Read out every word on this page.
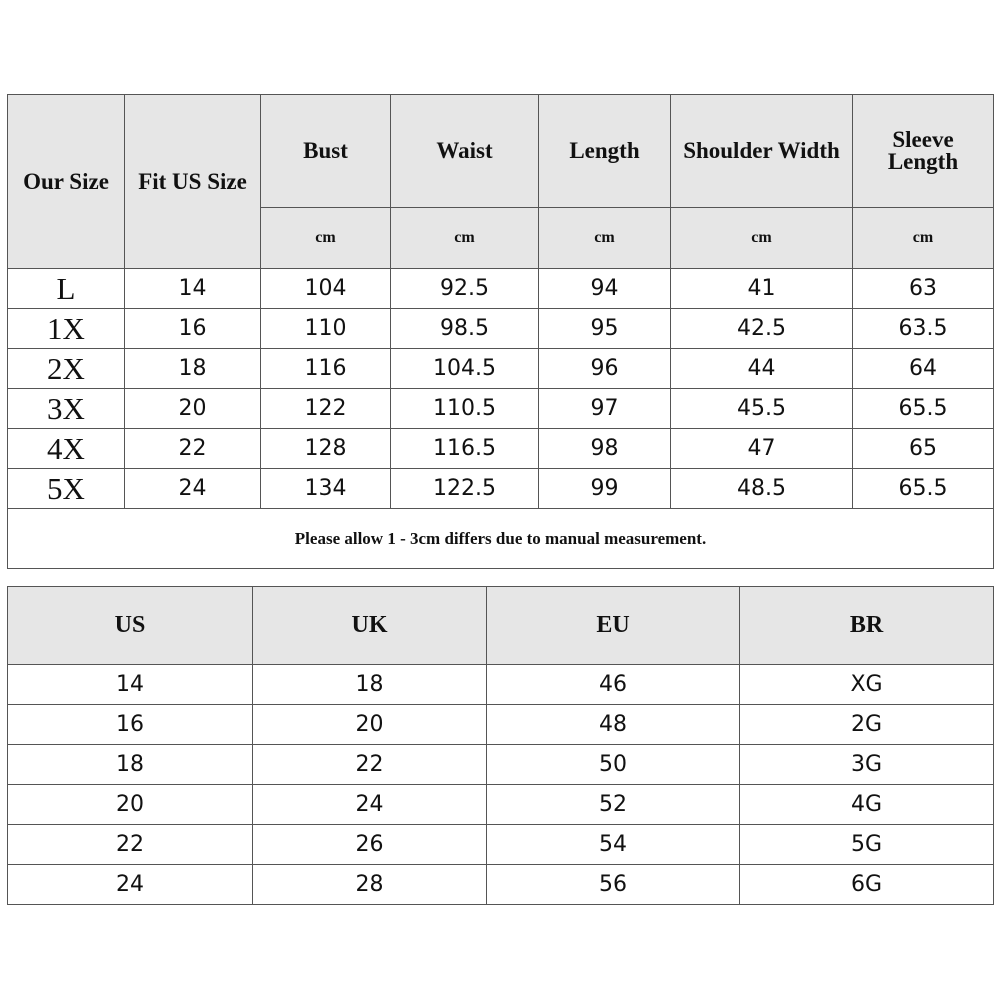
Our Size	Fit US Size	Bust	Waist	Length	Shoulder Width	Sleeve Length
		cm	cm	cm	cm	cm
L	14	104	92.5	94	41	63
1X	16	110	98.5	95	42.5	63.5
2X	18	116	104.5	96	44	64
3X	20	122	110.5	97	45.5	65.5
4X	22	128	116.5	98	47	65
5X	24	134	122.5	99	48.5	65.5
Please allow 1 - 3cm differs due to manual measurement.						
US	UK	EU	BR
14	18	46	XG
16	20	48	2G
18	22	50	3G
20	24	52	4G
22	26	54	5G
24	28	56	6G
